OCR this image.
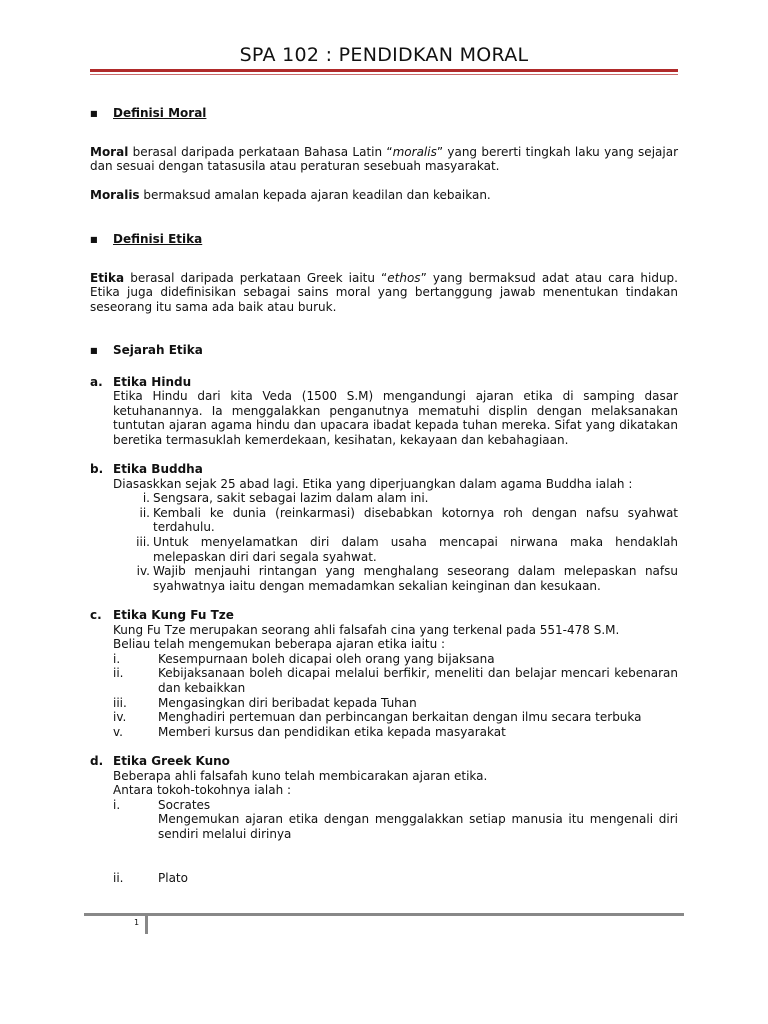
SPA 102 : PENDIDKAN MORAL
■	Definisi Moral

Moral berasal daripada perkataan Bahasa Latin “moralis” yang bererti tingkah laku yang sejajar dan sesuai dengan tatasusila atau peraturan sesebuah masyarakat.

Moralis bermaksud amalan kepada ajaran keadilan dan kebaikan.

■	Definisi Etika

Etika berasal daripada perkataan Greek iaitu “ethos” yang bermaksud adat atau cara hidup. Etika juga didefinisikan sebagai sains moral yang bertanggung jawab menentukan tindakan seseorang itu sama ada baik atau buruk.

■	Sejarah Etika
a. Etika Hindu

Etika Hindu dari kita Veda (1500 S.M) mengandungi ajaran etika di samping dasar ketuhanannya. Ia menggalakkan penganutnya mematuhi displin dengan melaksanakan tuntutan ajaran agama hindu dan upacara ibadat kepada tuhan mereka. Sifat yang dikatakan beretika termasuklah kemerdekaan, kesihatan, kekayaan dan kebahagiaan.

b. Etika Buddha

Diasaskkan sejak 25 abad lagi. Etika yang diperjuangkan dalam agama Buddha ialah :

i. Sengsara, sakit sebagai lazim dalam alam ini.
ii. Kembali ke dunia (reinkarmasi) disebabkan kotornya roh dengan nafsu syahwat terdahulu.
iii. Untuk menyelamatkan diri dalam usaha mencapai nirwana maka hendaklah melepaskan diri dari segala syahwat.
iv. Wajib menjauhi rintangan yang menghalang seseorang dalam melepaskan nafsu syahwatnya iaitu dengan memadamkan sekalian keinginan dan kesukaan.
c. Etika Kung Fu Tze

Kung Fu Tze merupakan seorang ahli falsafah cina yang terkenal pada 551-478 S.M.

Beliau telah mengemukan beberapa ajaran etika iaitu :

i.	Kesempurnaan boleh dicapai oleh orang yang bijaksana
ii.	Kebijaksanaan boleh dicapai melalui berfikir, meneliti dan belajar mencari kebenaran dan kebaikkan
iii.	Mengasingkan diri beribadat kepada Tuhan
iv.	Menghadiri pertemuan dan perbincangan berkaitan dengan ilmu secara terbuka
v.	Memberi kursus dan pendidikan etika kepada masyarakat
d. Etika Greek Kuno

Beberapa ahli falsafah kuno telah membicarakan ajaran etika.

Antara tokoh-tokohnya ialah :

i.	Socrates
Mengemukan ajaran etika dengan menggalakkan setiap manusia itu mengenali diri sendiri melalui dirinya
ii.	Plato
1
